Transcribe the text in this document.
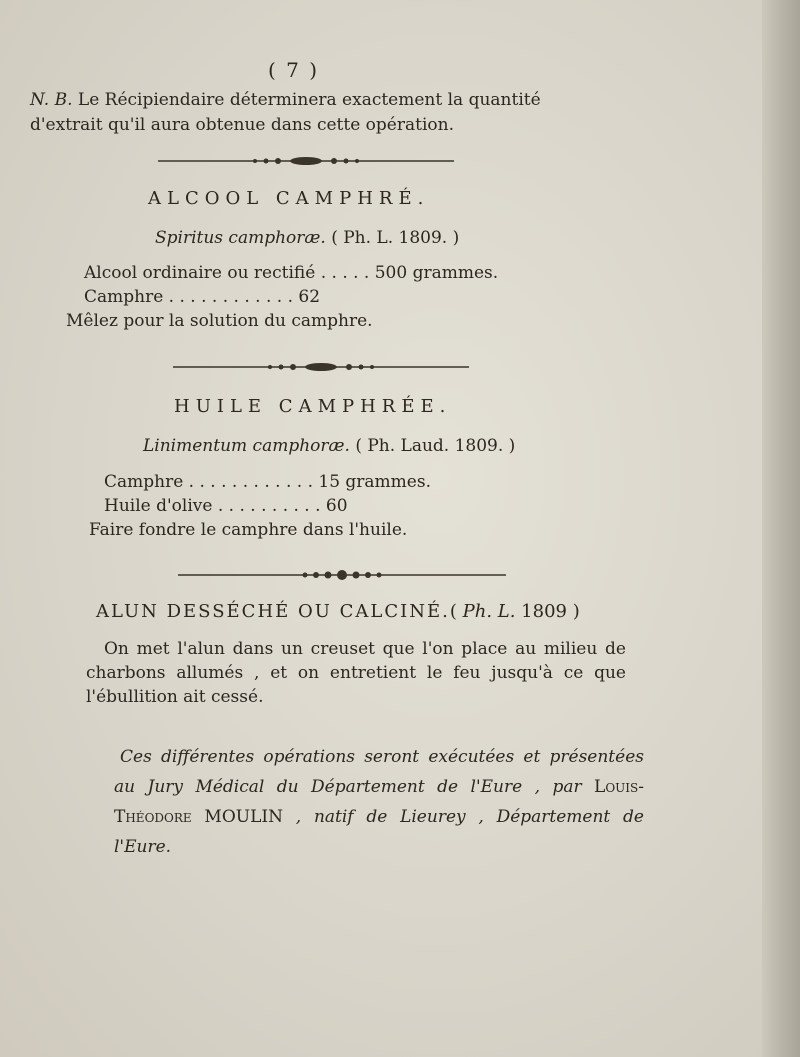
( 7 )
N. B. Le Récipiendaire déterminera exactement la quantité d'extrait qu'il aura obtenue dans cette opération.
ALCOOL CAMPHRÉ.
Spiritus camphoræ. ( Ph. L. 1809. )
Alcool ordinaire ou rectifié . . . . . 500 grammes.
Camphre . . . . . . . . . . . . 62
Mêlez pour la solution du camphre.
HUILE CAMPHRÉE.
Linimentum camphoræ. ( Ph. Laud. 1809. )
Camphre . . . . . . . . . . . . 15 grammes.
Huile d'olive . . . . . . . . . . 60
Faire fondre le camphre dans l'huile.
ALUN DESSÉCHÉ OU CALCINÉ.( Ph. L. 1809 )
On met l'alun dans un creuset que l'on place au milieu de charbons allumés , et on entretient le feu jusqu'à ce que l'ébullition ait cessé.
Ces différentes opérations seront exécutées et présentées au Jury Médical du Département de l'Eure , par Louis-Théodore MOULIN , natif de Lieurey , Département de l'Eure.
